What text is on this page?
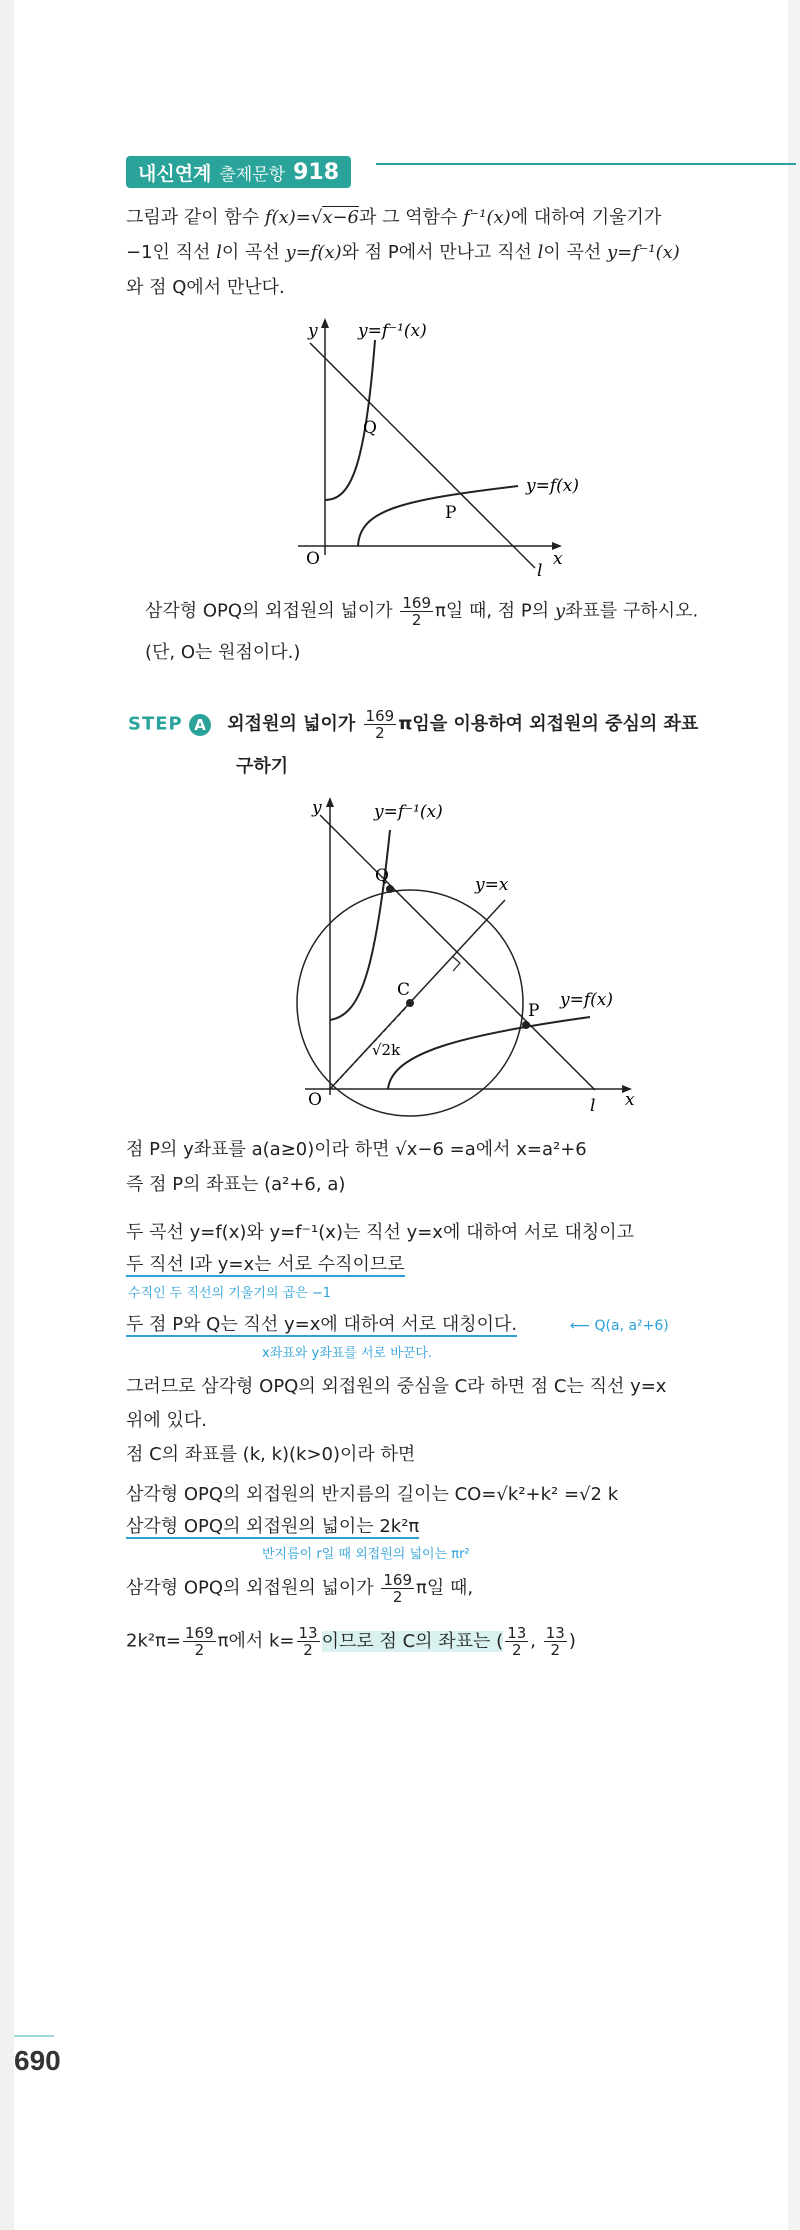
내신연계 출제문항 918
그림과 같이 함수 f(x)=√x−6과 그 역함수 f⁻¹(x)에 대하여 기울기가
−1인 직선 l이 곡선 y=f(x)와 점 P에서 만나고 직선 l이 곡선 y=f⁻¹(x)
와 점 Q에서 만난다.
y y=f⁻¹(x)
Q
y=f(x)
P
O	x
l
삼각형 OPQ의 외접원의 넓이가 $\frac{169}{2}$ π일 때, 점 P의 y좌표를 구하시오.
(단, O는 원점이다.)
STEP A 외접원의 넓이가 $\frac{169}{2}$ π임을 이용하여 외접원의 중심의 좌표
구하기
y	y=f⁻¹(x)
y=x
Q
P
y=f(x)
C
√2k
O	x
l
점 P의 y좌표를 a(a≥0)이라 하면 √x−6 =a에서 x=a²+6
즉 점 P의 좌표는 (a²+6, a)
두 곡선 y=f(x)와 y=f⁻¹(x)는 직선 y=x에 대하여 서로 대칭이고
두 직선 l과 y=x는 서로 수직이므로
수직인 두 직선의 기울기의 곱은 −1
두 점 P와 Q는 직선 y=x에 대하여 서로 대칭이다.	⟵ Q(a, a²+6)
x좌표와 y좌표를 서로 바꾼다.
그러므로 삼각형 OPQ의 외접원의 중심을 C라 하면 점 C는 직선 y=x
위에 있다.
점 C의 좌표를 (k, k)(k>0)이라 하면
삼각형 OPQ의 외접원의 반지름의 길이는 CO=√k²+k² =√2 k
삼각형 OPQ의 외접원의 넓이는 2k²π
반지름이 r일 때 외접원의 넓이는 πr²
삼각형 OPQ의 외접원의 넓이가 $\frac{169}{2}$ π일 때,
$2k^2\pi= \frac{169}{2}$ π에서 $k= \frac{13}{2}$ 이므로 점 C의 좌표는 ( $\frac{13}{2}$ , $\frac{13}{2}$ )
690
